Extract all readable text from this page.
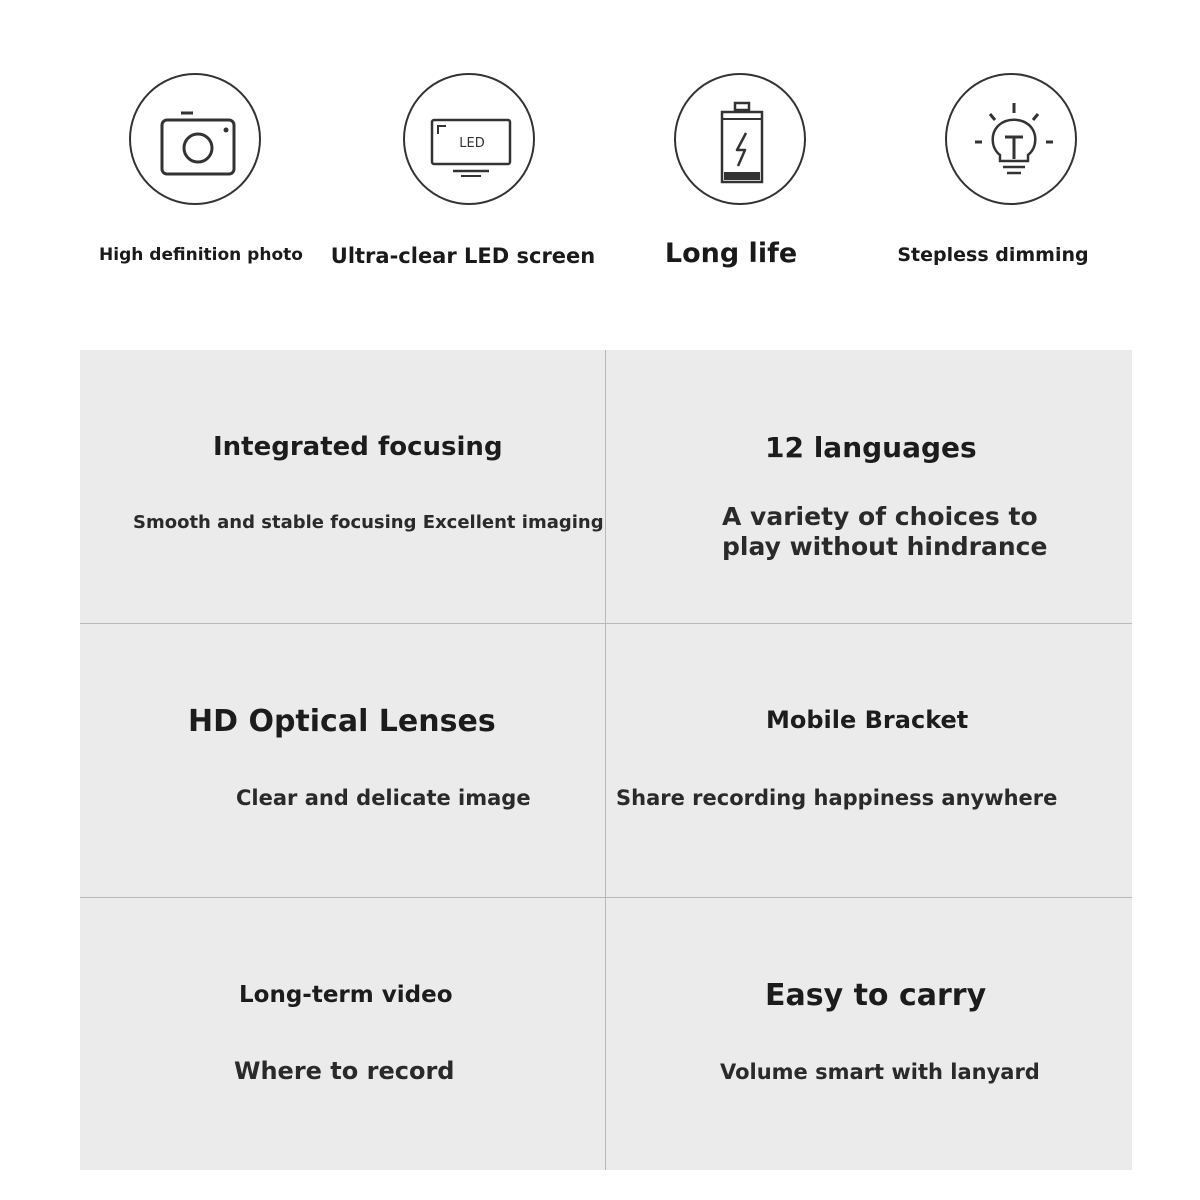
High definition photo
LED
Ultra-clear LED screen	Long life	Stepless dimming
Integrated focusing
Smooth and stable focusing Excellent imaging
12 languages
A variety of choices to play without hindrance
HD Optical Lenses
Clear and delicate image
Mobile Bracket
Share recording happiness anywhere
Long-term video
Where to record
Easy to carry
Volume smart with lanyard
